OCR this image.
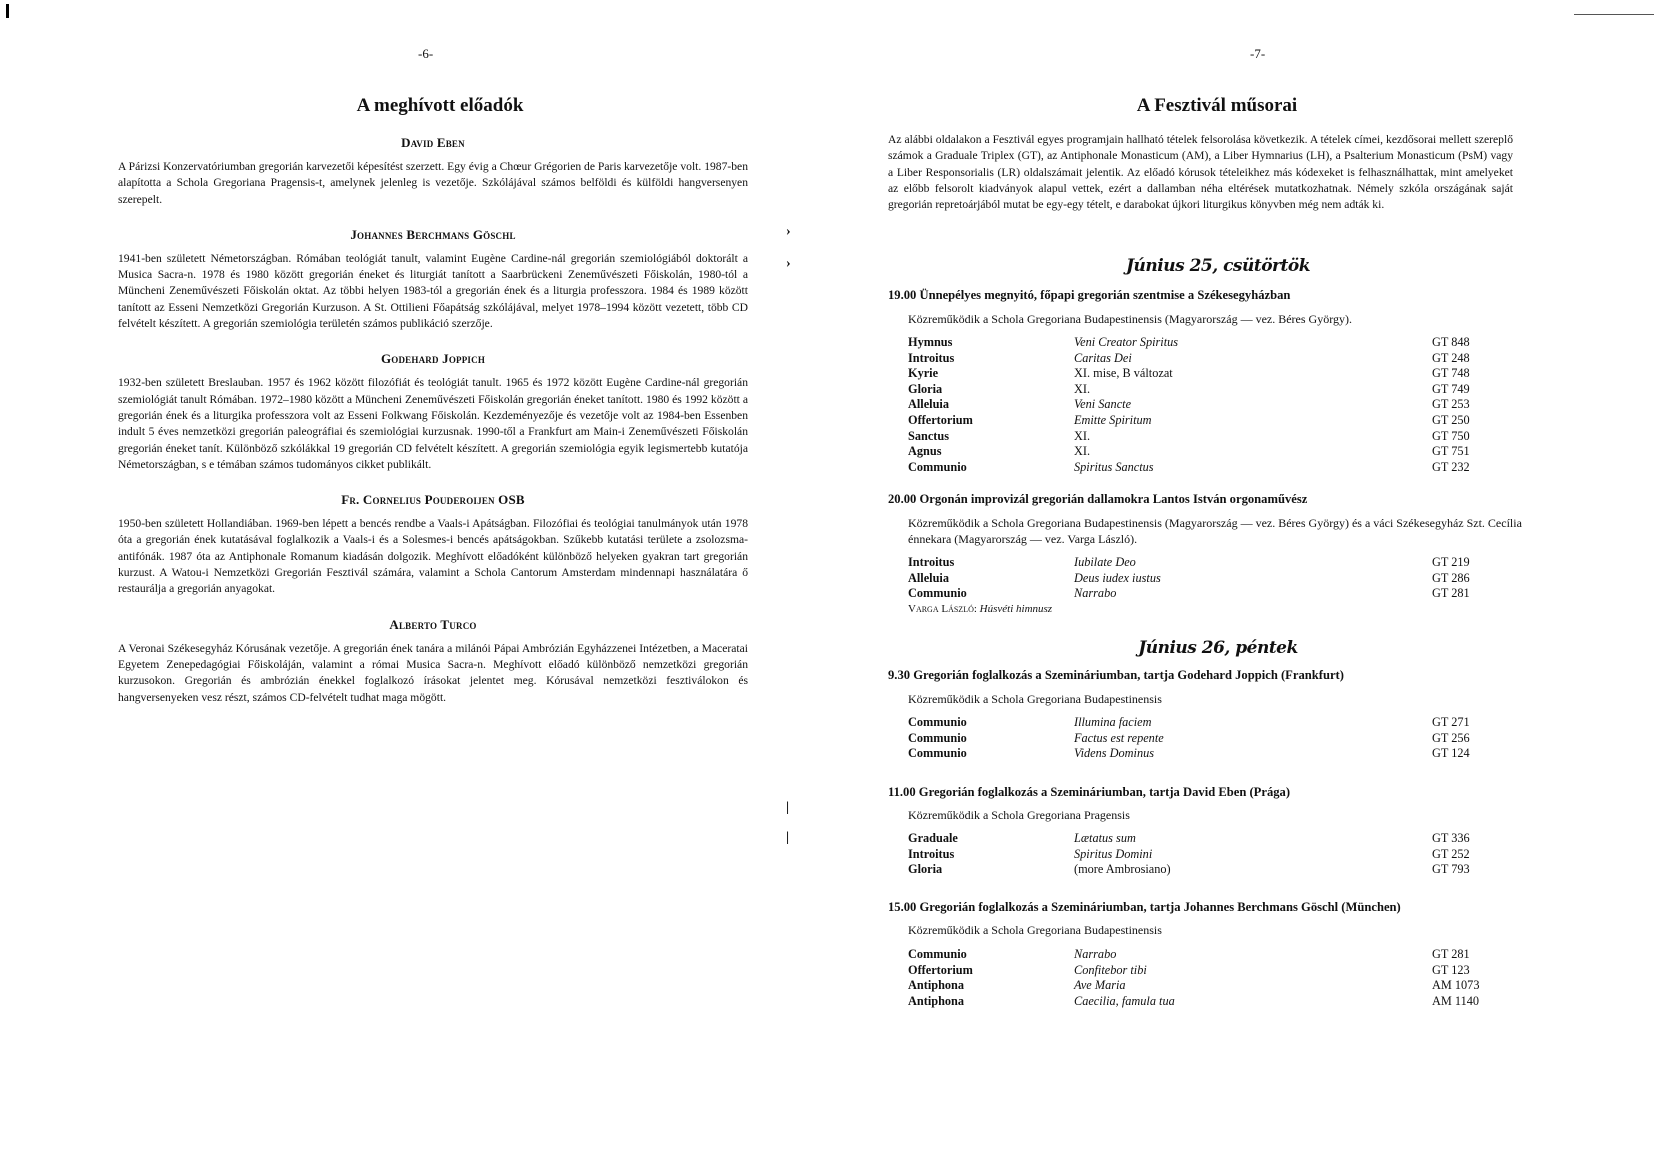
-6-
A meghívott előadók
David Eben
A Párizsi Konzervatóriumban gregorián karvezetői képesítést szerzett. Egy évig a Chœur Grégorien de Paris karvezetője volt. 1987-ben alapította a Schola Gregoriana Pragensis-t, amelynek jelenleg is vezetője. Szkólájával számos belföldi és külföldi hangversenyen szerepelt.
Johannes Berchmans Göschl
1941-ben született Németországban. Rómában teológiát tanult, valamint Eugène Cardine-nál gregorián szemiológiából doktorált a Musica Sacra-n. 1978 és 1980 között gregorián éneket és liturgiát tanított a Saarbrückeni Zeneművészeti Főiskolán, 1980-tól a Müncheni Zeneművészeti Főiskolán oktat. Az többi helyen 1983-tól a gregorián ének és a liturgia professzora. 1984 és 1989 között tanított az Esseni Nemzetközi Gregorián Kurzuson. A St. Ottilieni Főapátság szkólájával, melyet 1978–1994 között vezetett, több CD felvételt készített. A gregorián szemiológia területén számos publikáció szerzője.
Godehard Joppich
1932-ben született Breslauban. 1957 és 1962 között filozófiát és teológiát tanult. 1965 és 1972 között Eugène Cardine-nál gregorián szemiológiát tanult Rómában. 1972–1980 között a Müncheni Zeneművészeti Főiskolán gregorián éneket tanított. 1980 és 1992 között a gregorián ének és a liturgika professzora volt az Esseni Folkwang Főiskolán. Kezdeményezője és vezetője volt az 1984-ben Essenben indult 5 éves nemzetközi gregorián paleográfiai és szemiológiai kurzusnak. 1990-től a Frankfurt am Main-i Zeneművészeti Főiskolán gregorián éneket tanít. Különböző szkólákkal 19 gregorián CD felvételt készített. A gregorián szemiológia egyik legismertebb kutatója Németországban, s e témában számos tudományos cikket publikált.
Fr. Cornelius Pouderoijen OSB
1950-ben született Hollandiában. 1969-ben lépett a bencés rendbe a Vaals-i Apátságban. Filozófiai és teológiai tanulmányok után 1978 óta a gregorián ének kutatásával foglalkozik a Vaals-i és a Solesmes-i bencés apátságokban. Szűkebb kutatási területe a zsolozsma-antifónák. 1987 óta az Antiphonale Romanum kiadásán dolgozik. Meghívott előadóként különböző helyeken gyakran tart gregorián kurzust. A Watou-i Nemzetközi Gregorián Fesztivál számára, valamint a Schola Cantorum Amsterdam mindennapi használatára ő restaurálja a gregorián anyagokat.
Alberto Turco
A Veronai Székesegyház Kórusának vezetője. A gregorián ének tanára a milánói Pápai Ambrózián Egyházzenei Intézetben, a Maceratai Egyetem Zenepedagógiai Főiskoláján, valamint a római Musica Sacra-n. Meghívott előadó különböző nemzetközi gregorián kurzusokon. Gregorián és ambrózián énekkel foglalkozó írásokat jelentet meg. Kórusával nemzetközi fesztiválokon és hangversenyeken vesz részt, számos CD-felvételt tudhat maga mögött.
›
›
|
|
-7-
A Fesztivál műsorai
Az alábbi oldalakon a Fesztivál egyes programjain hallható tételek felsorolása következik. A tételek címei, kezdősorai mellett szereplő számok a Graduale Triplex (GT), az Antiphonale Monasticum (AM), a Liber Hymnarius (LH), a Psalterium Monasticum (PsM) vagy a Liber Responsorialis (LR) oldalszámait jelentik. Az előadó kórusok tételeikhez más kódexeket is felhasználhattak, mint amelyeket az előbb felsorolt kiadványok alapul vettek, ezért a dallamban néha eltérések mutatkozhatnak. Némely szkóla országának saját gregorián repretoárjából mutat be egy-egy tételt, e darabokat újkori liturgikus könyvben még nem adták ki.
Június 25, csütörtök
19.00 Ünnepélyes megnyitó, főpapi gregorián szentmise a Székesegyházban
Közreműködik a Schola Gregoriana Budapestinensis (Magyarország — vez. Béres György).
Hymnus	Veni Creator Spiritus	GT 848
Introitus	Caritas Dei	GT 248
Kyrie	XI. mise, B változat	GT 748
Gloria	XI.	GT 749
Alleluia	Veni Sancte	GT 253
Offertorium	Emitte Spiritum	GT 250
Sanctus	XI.	GT 750
Agnus	XI.	GT 751
Communio	Spiritus Sanctus	GT 232
20.00 Orgonán improvizál gregorián dallamokra Lantos István orgonaművész
Közreműködik a Schola Gregoriana Budapestinensis (Magyarország — vez. Béres György) és a váci Székesegyház Szt. Cecília énnekara (Magyarország — vez. Varga László).
Introitus	Iubilate Deo	GT 219
Alleluia	Deus iudex iustus	GT 286
Communio	Narrabo	GT 281
Varga László: Húsvéti himnusz
Június 26, péntek
9.30 Gregorián foglalkozás a Szemináriumban, tartja Godehard Joppich (Frankfurt)
Közreműködik a Schola Gregoriana Budapestinensis
Communio	Illumina faciem	GT 271
Communio	Factus est repente	GT 256
Communio	Videns Dominus	GT 124
11.00 Gregorián foglalkozás a Szemináriumban, tartja David Eben (Prága)
Közreműködik a Schola Gregoriana Pragensis
Graduale	Lætatus sum	GT 336
Introitus	Spiritus Domini	GT 252
Gloria	(more Ambrosiano)	GT 793
15.00 Gregorián foglalkozás a Szemináriumban, tartja Johannes Berchmans Göschl (München)
Közreműködik a Schola Gregoriana Budapestinensis
Communio	Narrabo	GT 281
Offertorium	Confitebor tibi	GT 123
Antiphona	Ave Maria	AM 1073
Antiphona	Caecilia, famula tua	AM 1140
